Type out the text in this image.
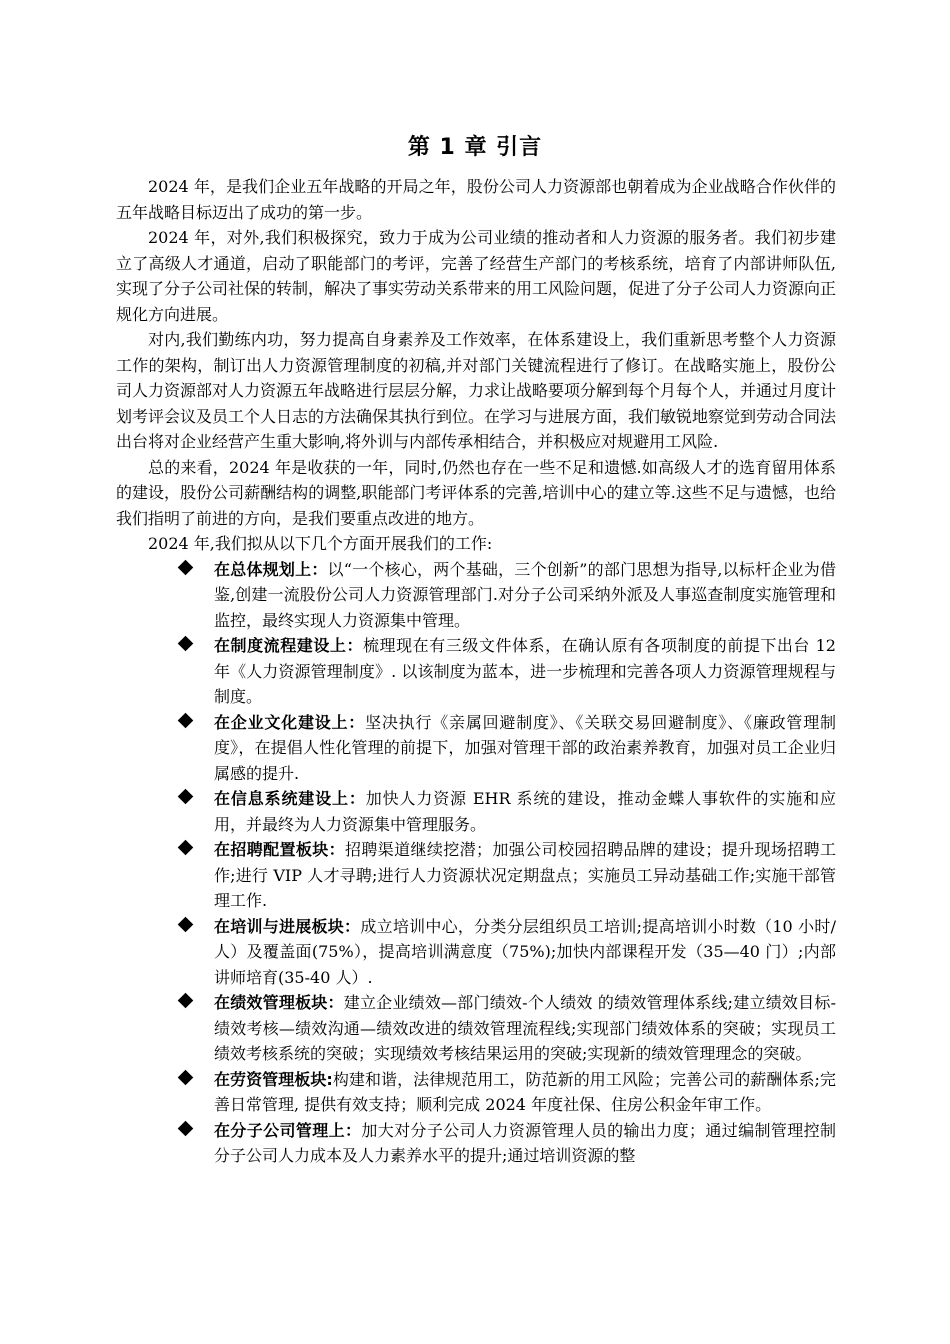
第 1 章 引言

2024 年，是我们企业五年战略的开局之年，股份公司人力资源部也朝着成为企业战略合作伙伴的五年战略目标迈出了成功的第一步。

2024 年，对外,我们积极探究，致力于成为公司业绩的推动者和人力资源的服务者。我们初步建立了高级人才通道，启动了职能部门的考评，完善了经营生产部门的考核系统，培育了内部讲师队伍,实现了分子公司社保的转制，解决了事实劳动关系带来的用工风险问题，促进了分子公司人力资源向正规化方向进展。

对内,我们勤练内功，努力提高自身素养及工作效率，在体系建设上，我们重新思考整个人力资源工作的架构，制订出人力资源管理制度的初稿,并对部门关键流程进行了修订。在战略实施上，股份公司人力资源部对人力资源五年战略进行层层分解，力求让战略要项分解到每个月每个人，并通过月度计划考评会议及员工个人日志的方法确保其执行到位。在学习与进展方面，我们敏锐地察觉到劳动合同法出台将对企业经营产生重大影响,将外训与内部传承相结合，并积极应对规避用工风险.

总的来看，2024 年是收获的一年，同时,仍然也存在一些不足和遗憾.如高级人才的选育留用体系的建设，股份公司薪酬结构的调整,职能部门考评体系的完善,培训中心的建立等.这些不足与遗憾，也给我们指明了前进的方向，是我们要重点改进的地方。

2024 年,我们拟从以下几个方面开展我们的工作:

在总体规划上：以“一个核心，两个基础，三个创新”的部门思想为指导,以标杆企业为借鉴,创建一流股份公司人力资源管理部门.对分子公司采纳外派及人事巡查制度实施管理和监控，最终实现人力资源集中管理。
在制度流程建设上：梳理现在有三级文件体系，在确认原有各项制度的前提下出台 12 年《人力资源管理制度》. 以该制度为蓝本，进一步梳理和完善各项人力资源管理规程与制度。
在企业文化建设上：坚决执行《亲属回避制度》、《关联交易回避制度》、《廉政管理制度》，在提倡人性化管理的前提下，加强对管理干部的政治素养教育，加强对员工企业归属感的提升.
在信息系统建设上：加快人力资源 EHR 系统的建设，推动金蝶人事软件的实施和应用，并最终为人力资源集中管理服务。
在招聘配置板块：招聘渠道继续挖潜；加强公司校园招聘品牌的建设；提升现场招聘工作;进行 VIP 人才寻聘;进行人力资源状况定期盘点；实施员工异动基础工作;实施干部管理工作.
在培训与进展板块：成立培训中心，分类分层组织员工培训;提高培训小时数（10 小时/人）及覆盖面(75%），提高培训满意度（75%);加快内部课程开发（35—40 门）;内部讲师培育(35-40 人）.
在绩效管理板块：建立企业绩效—部门绩效-个人绩效 的绩效管理体系线;建立绩效目标-绩效考核—绩效沟通—绩效改进的绩效管理流程线;实现部门绩效体系的突破；实现员工绩效考核系统的突破；实现绩效考核结果运用的突破;实现新的绩效管理理念的突破。
在劳资管理板块:构建和谐，法律规范用工，防范新的用工风险；完善公司的薪酬体系;完善日常管理, 提供有效支持；顺利完成 2024 年度社保、住房公积金年审工作。
在分子公司管理上：加大对分子公司人力资源管理人员的输出力度；通过编制管理控制分子公司人力成本及人力素养水平的提升;通过培训资源的整
